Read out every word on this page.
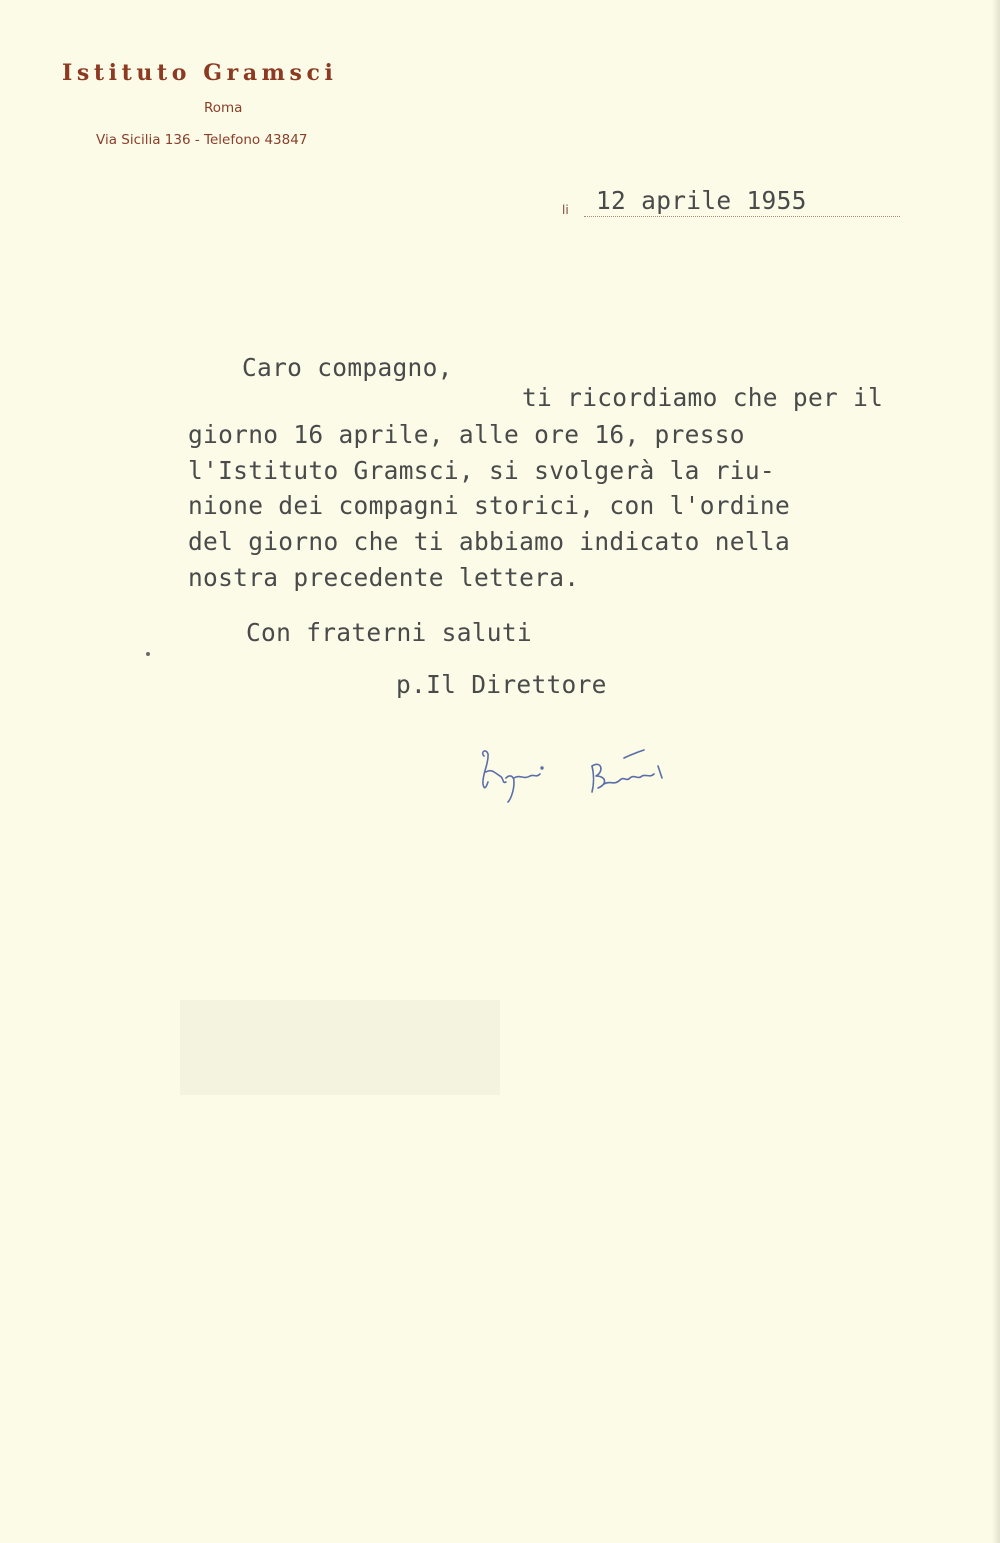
Istituto Gramsci
Roma
Via Sicilia 136 - Telefono 43847
li 12 aprile 1955
Caro compagno,
ti ricordiamo che per il
giorno 16 aprile, alle ore 16, presso
l'Istituto Gramsci, si svolgerà la riu-
nione dei compagni storici, con l'ordine
del giorno che ti abbiamo indicato nella
nostra precedente lettera.
Con fraterni saluti
p.Il Direttore
